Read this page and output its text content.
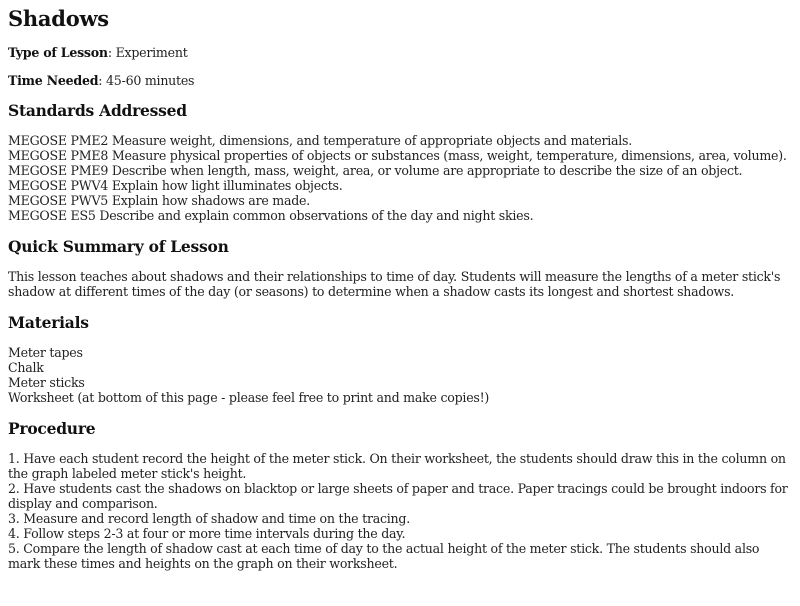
Shadows

Type of Lesson: Experiment

Time Needed: 45-60 minutes

Standards Addressed
MEGOSE PME2 Measure weight, dimensions, and temperature of appropriate objects and materials.
MEGOSE PME8 Measure physical properties of objects or substances (mass, weight, temperature, dimensions, area, volume).
MEGOSE PME9 Describe when length, mass, weight, area, or volume are appropriate to describe the size of an object.
MEGOSE PWV4 Explain how light illuminates objects.
MEGOSE PWV5 Explain how shadows are made.
MEGOSE ES5 Describe and explain common observations of the day and night skies.
Quick Summary of Lesson

This lesson teaches about shadows and their relationships to time of day. Students will measure the lengths of a meter stick's shadow at different times of the day (or seasons) to determine when a shadow casts its longest and shortest shadows.

Materials
Meter tapes
Chalk
Meter sticks
Worksheet (at bottom of this page - please feel free to print and make copies!)
Procedure
1. Have each student record the height of the meter stick. On their worksheet, the students should draw this in the column on the graph labeled meter stick's height.
2. Have students cast the shadows on blacktop or large sheets of paper and trace. Paper tracings could be brought indoors for display and comparison.
3. Measure and record length of shadow and time on the tracing.
4. Follow steps 2-3 at four or more time intervals during the day.
5. Compare the length of shadow cast at each time of day to the actual height of the meter stick. The students should also mark these times and heights on the graph on their worksheet.
